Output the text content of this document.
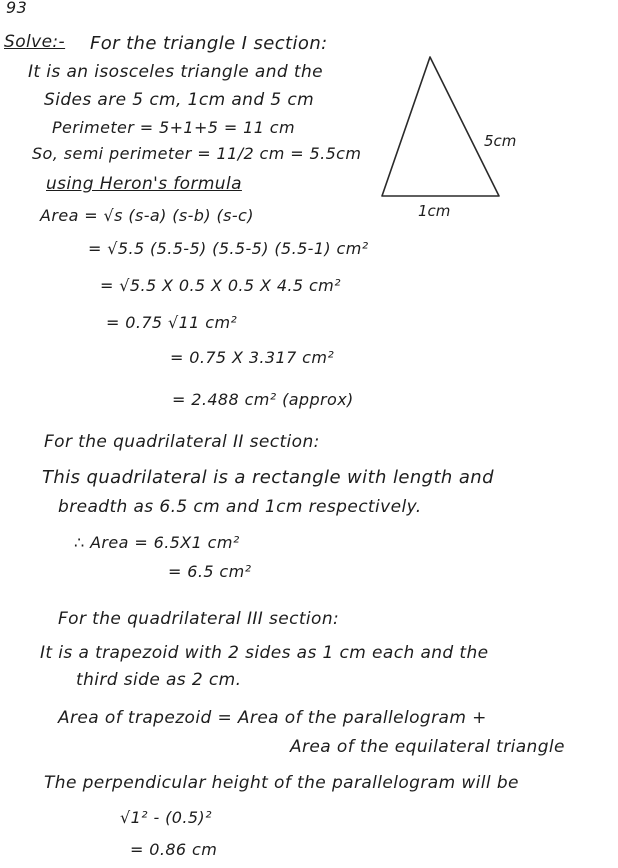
93
Solve:- For the triangle I section:
It is an isosceles triangle and the
Sides are 5 cm, 1cm and 5 cm
Perimeter = 5+1+5 = 11 cm
So, semi perimeter = 11/2 cm = 5.5cm
using Heron's formula
Area = √s (s-a) (s-b) (s-c)
= √5.5 (5.5-5) (5.5-5) (5.5-1) cm²
= √5.5 X 0.5 X 0.5 X 4.5 cm²
= 0.75 √11 cm²
= 0.75 X 3.317 cm²
= 2.488 cm² (approx)
For the quadrilateral II section:
This quadrilateral is a rectangle with length and
breadth as 6.5 cm and 1cm respectively.
∴ Area = 6.5X1 cm²
= 6.5 cm²
For the quadrilateral III section:
It is a trapezoid with 2 sides as 1 cm each and the
third side as 2 cm.
Area of trapezoid = Area of the parallelogram +
Area of the equilateral triangle
The perpendicular height of the parallelogram will be
√1² - (0.5)²
= 0.86 cm
5cm
1cm
